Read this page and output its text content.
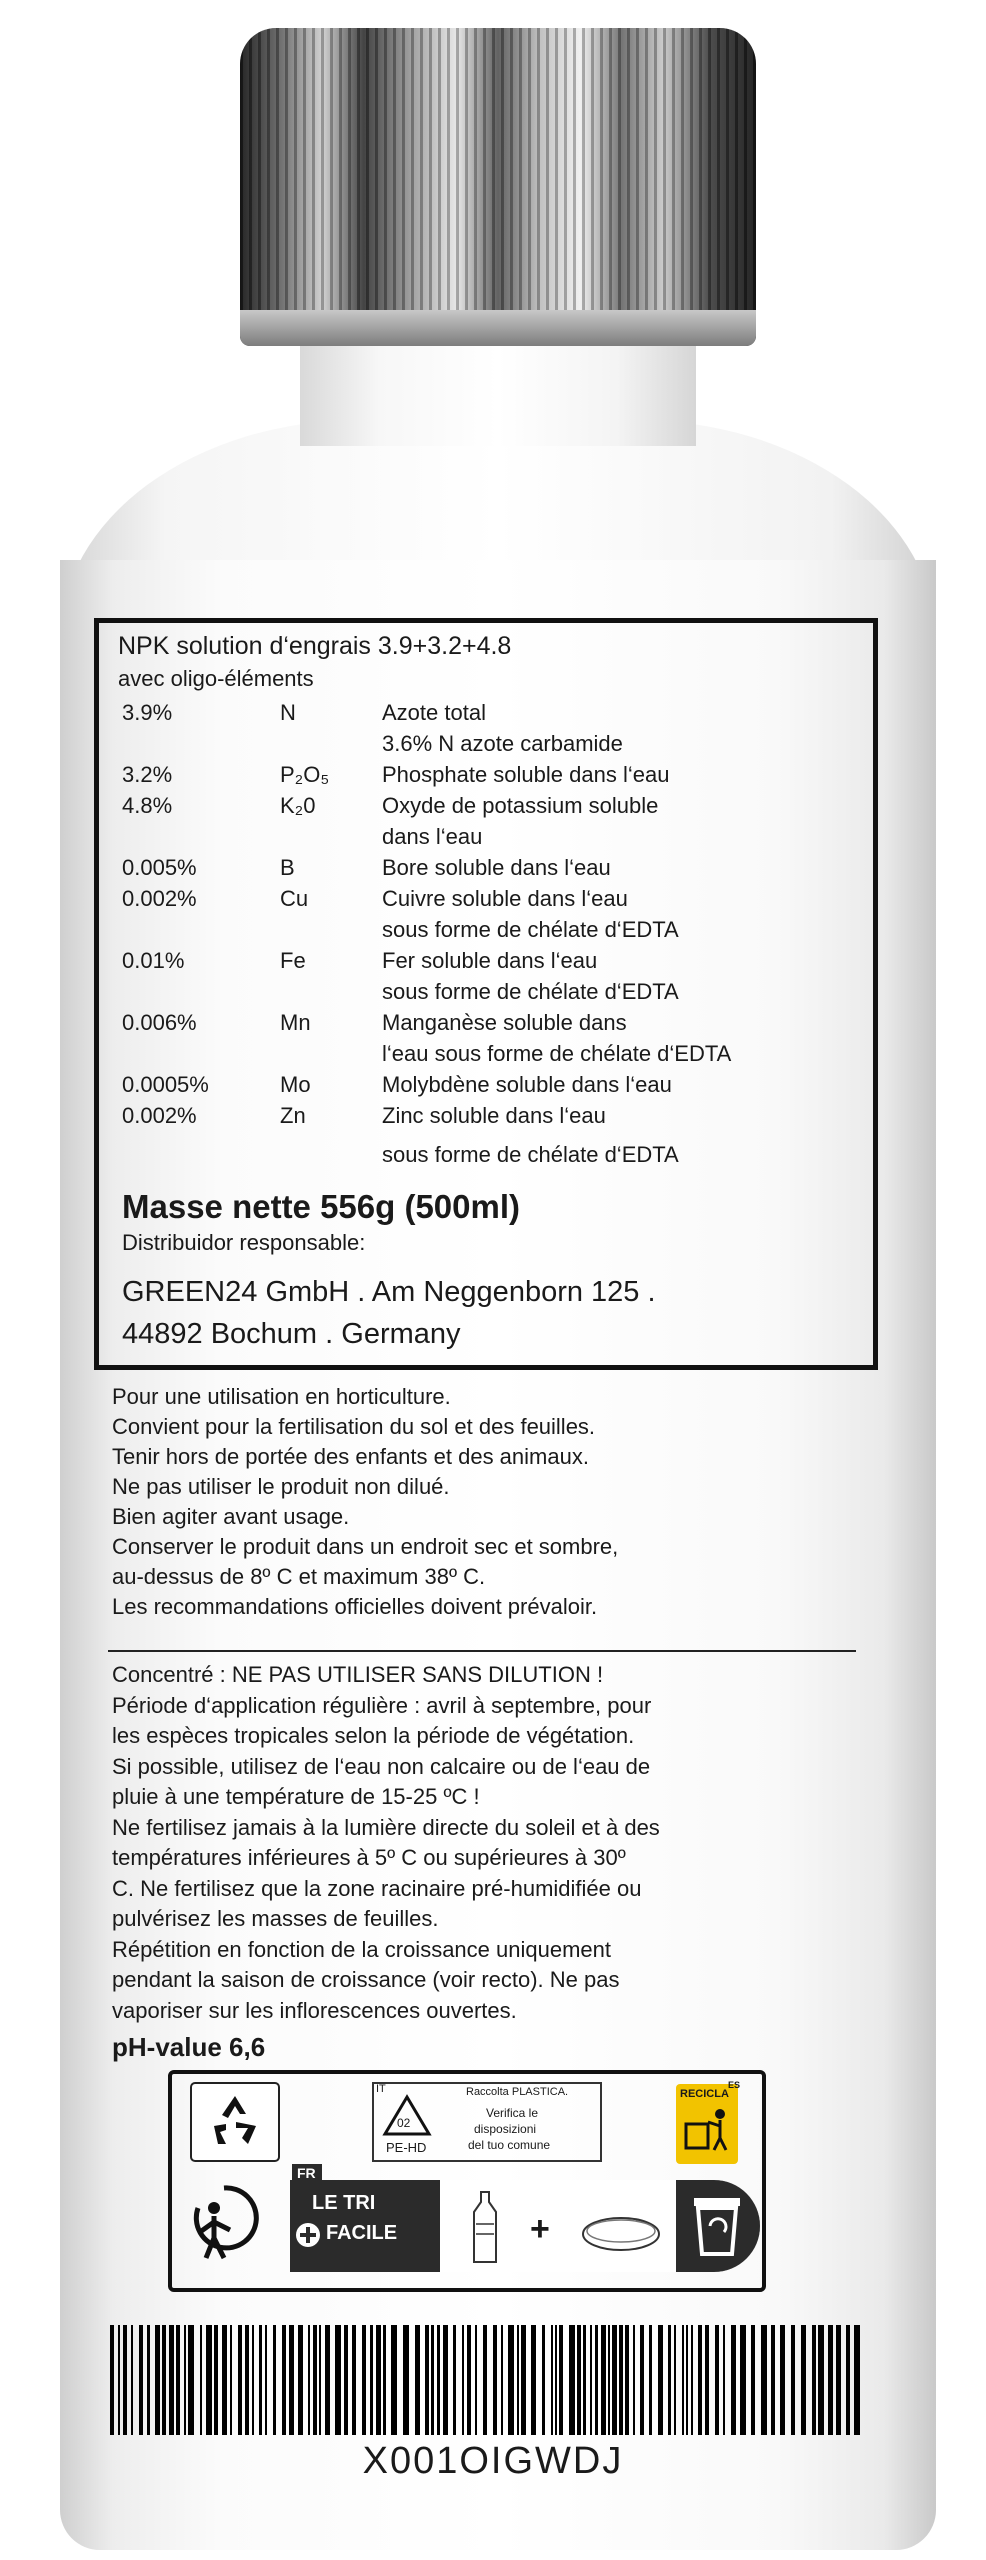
NPK solution d‘engrais 3.9+3.2+4.8
avec oligo-éléments
3.9%	N	Azote total
3.6% N azote carbamide
3.2%	P₂O₅ Phosphate soluble dans l‘eau
4.8%	K₂0	Oxyde de potassium soluble
dans l‘eau
0.005%	B	Bore soluble dans l‘eau
0.002%	Cu	Cuivre soluble dans l‘eau
sous forme de chélate d‘EDTA
0.01%	Fe	Fer soluble dans l‘eau
sous forme de chélate d‘EDTA
0.006%	Mn	Manganèse soluble dans
l‘eau sous forme de chélate d‘EDTA
0.0005%	Mo	Molybdène soluble dans l‘eau
0.002%	Zn	Zinc soluble dans l‘eau
sous forme de chélate d‘EDTA
Masse nette 556g (500ml)
Distribuidor responsable:
GREEN24 GmbH . Am Neggenborn 125 .
44892 Bochum . Germany
Pour une utilisation en horticulture.
Convient pour la fertilisation du sol et des feuilles.
Tenir hors de portée des enfants et des animaux.
Ne pas utiliser le produit non dilué.
Bien agiter avant usage.
Conserver le produit dans un endroit sec et sombre,
au-dessus de 8º C et maximum 38º C.
Les recommandations officielles doivent prévaloir.
Concentré : NE PAS UTILISER SANS DILUTION !
Période d‘application régulière : avril à septembre, pour
les espèces tropicales selon la période de végétation.
Si possible, utilisez de l‘eau non calcaire ou de l‘eau de
pluie à une température de 15-25 ºC !
Ne fertilisez jamais à la lumière directe du soleil et à des
températures inférieures à 5º C ou supérieures à 30º
C. Ne fertilisez que la zone racinaire pré-humidifiée ou
pulvérisez les masses de feuilles.
Répétition en fonction de la croissance uniquement
pendant la saison de croissance (voir recto). Ne pas
vaporiser sur les inflorescences ouvertes.
pH-value 6,6
IT	Raccolta PLASTICA.
02
PE-HD
Verifica le
disposizioni
del tuo comune
RECICLA
ES
FR
LE TRI
FACILE	+
X001OIGWDJ
